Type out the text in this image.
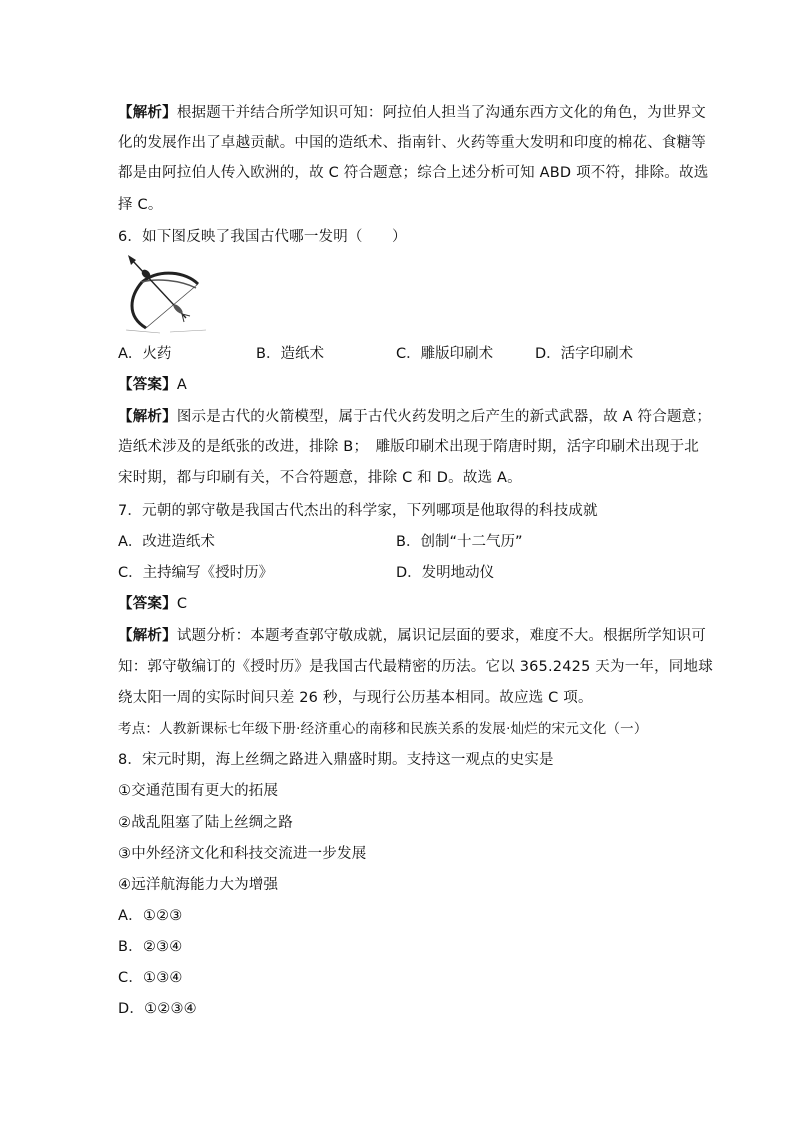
【解析】根据题干并结合所学知识可知：阿拉伯人担当了沟通东西方文化的角色，为世界文
化的发展作出了卓越贡献。中国的造纸术、指南针、火药等重大发明和印度的棉花、食糖等
都是由阿拉伯人传入欧洲的，故 C 符合题意；综合上述分析可知 ABD 项不符，排除。故选
择 C。
6．如下图反映了我国古代哪一发明（　　）
A．火药	B．造纸术	C．雕版印刷术	D．活字印刷术
【答案】A
【解析】图示是古代的火箭模型，属于古代火药发明之后产生的新式武器，故 A 符合题意；
造纸术涉及的是纸张的改进，排除 B；　雕版印刷术出现于隋唐时期，活字印刷术出现于北
宋时期，都与印刷有关，不合符题意，排除 C 和 D。故选 A。
7．元朝的郭守敬是我国古代杰出的科学家，下列哪项是他取得的科技成就
A．改进造纸术	B．创制“十二气历”
C．主持编写《授时历》	D．发明地动仪
【答案】C
【解析】试题分析：本题考查郭守敬成就，属识记层面的要求，难度不大。根据所学知识可
知：郭守敬编订的《授时历》是我国古代最精密的历法。它以 365.2425 天为一年，同地球
绕太阳一周的实际时间只差 26 秒，与现行公历基本相同。故应选 C 项。
考点：人教新课标七年级下册·经济重心的南移和民族关系的发展·灿烂的宋元文化（一）
8．宋元时期，海上丝绸之路进入鼎盛时期。支持这一观点的史实是
①交通范围有更大的拓展
②战乱阻塞了陆上丝绸之路
③中外经济文化和科技交流进一步发展
④远洋航海能力大为增强
A．①②③
B．②③④
C．①③④
D．①②③④
